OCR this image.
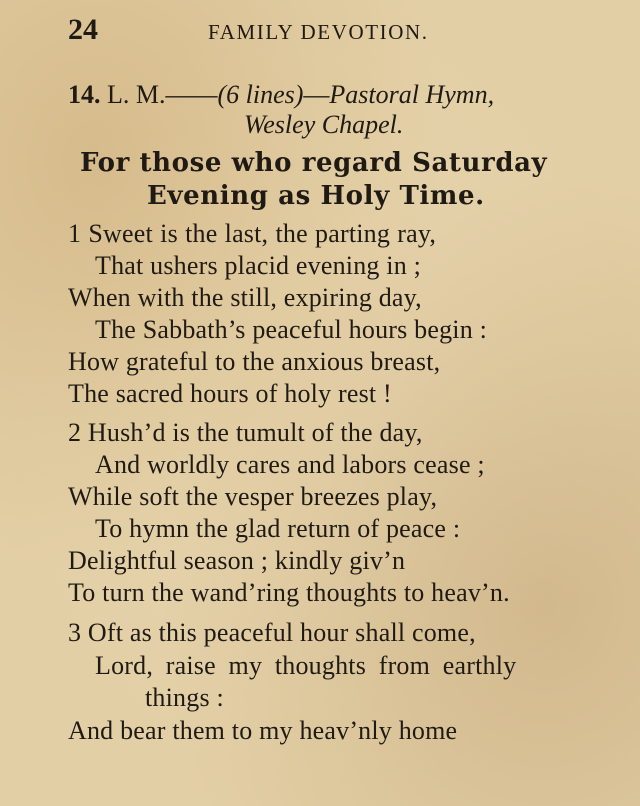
24	FAMILY DEVOTION.
14. L. M.——(6 lines)—Pastoral Hymn,
Wesley Chapel.
For those who regard Saturday
Evening as Holy Time.
1 Sweet is the last, the parting ray,
That ushers placid evening in ;
When with the still, expiring day,
The Sabbath’s peaceful hours begin :
How grateful to the anxious breast,
The sacred hours of holy rest !
2 Hush’d is the tumult of the day,
And worldly cares and labors cease ;
While soft the vesper breezes play,
To hymn the glad return of peace :
Delightful season ; kindly giv’n
To turn the wand’ring thoughts to heav’n.
3 Oft as this peaceful hour shall come,
Lord, raise my thoughts from earthly
things :
And bear them to my heav’nly home
